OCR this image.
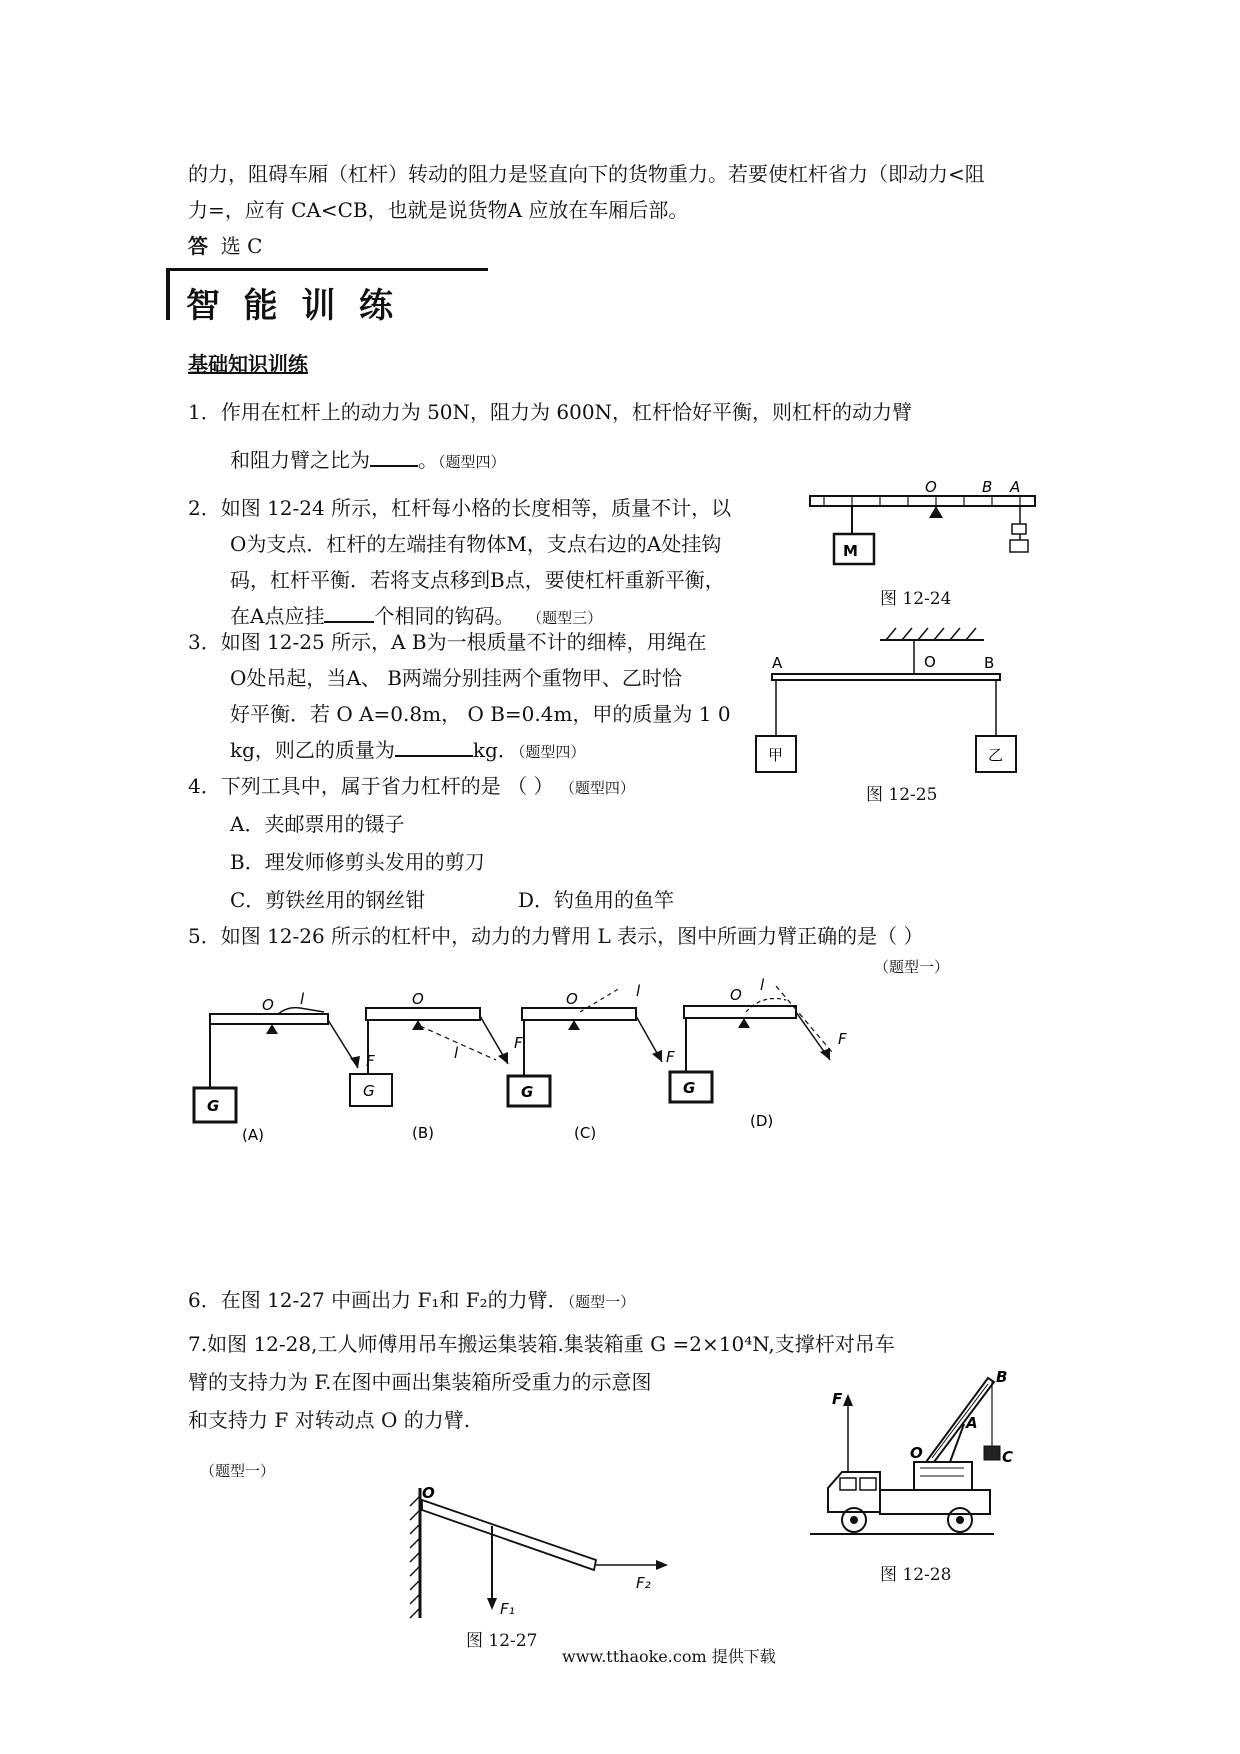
的力，阻碍车厢（杠杆）转动的阻力是竖直向下的货物重力。若要使杠杆省力（即动力<阻
力=，应有 CA<CB，也就是说货物A 应放在车厢后部。
答 选 C
智  能  训  练
基础知识训练
1．作用在杠杆上的动力为 50N，阻力为 600N，杠杆恰好平衡，则杠杆的动力臂
和阻力臂之比为 。（题型四）
2．如图 12-24 所示，杠杆每小格的长度相等，质量不计，以
O为支点．杠杆的左端挂有物体M，支点右边的A处挂钩
码，杠杆平衡．若将支点移到B点，要使杠杆重新平衡，
在A点应挂	个相同的钩码。 （题型三）
M
O	B A
图 12-24
3．如图 12-25 所示，A B为一根质量不计的细棒，用绳在
O处吊起，当A、 B两端分别挂两个重物甲、乙时恰
好平衡．若 O A=0.8m， O B=0.4m，甲的质量为 1 0
kg，则乙的质量为	kg．（题型四）
A	O	B
甲	乙
图 12-25
4．下列工具中，属于省力杠杆的是 （ ） （题型四）
A．夹邮票用的镊子
B．理发师修剪头发用的剪刀
C．剪铁丝用的钢丝钳	D．钓鱼用的鱼竿
5．如图 12-26 所示的杠杆中，动力的力臂用 L 表示，图中所画力臂正确的是（ ）
（题型一）
G
O l
F
(A)
G
O
l
F
(B)
G
O	l
F
(C)
G
O
l
F
(D)
6．在图 12-27 中画出力 F₁和 F₂的力臂．（题型一）
7.如图 12-28,工人师傅用吊车搬运集装箱.集装箱重 G =2×10⁴N,支撑杆对吊车
臂的支持力为 F.在图中画出集装箱所受重力的示意图
和支持力 F 对转动点 O 的力臂.
（题型一）
O
F₁
F₂
图 12-27
F
B
A
O	C
图 12-28
www.tthaoke.com 提供下载
